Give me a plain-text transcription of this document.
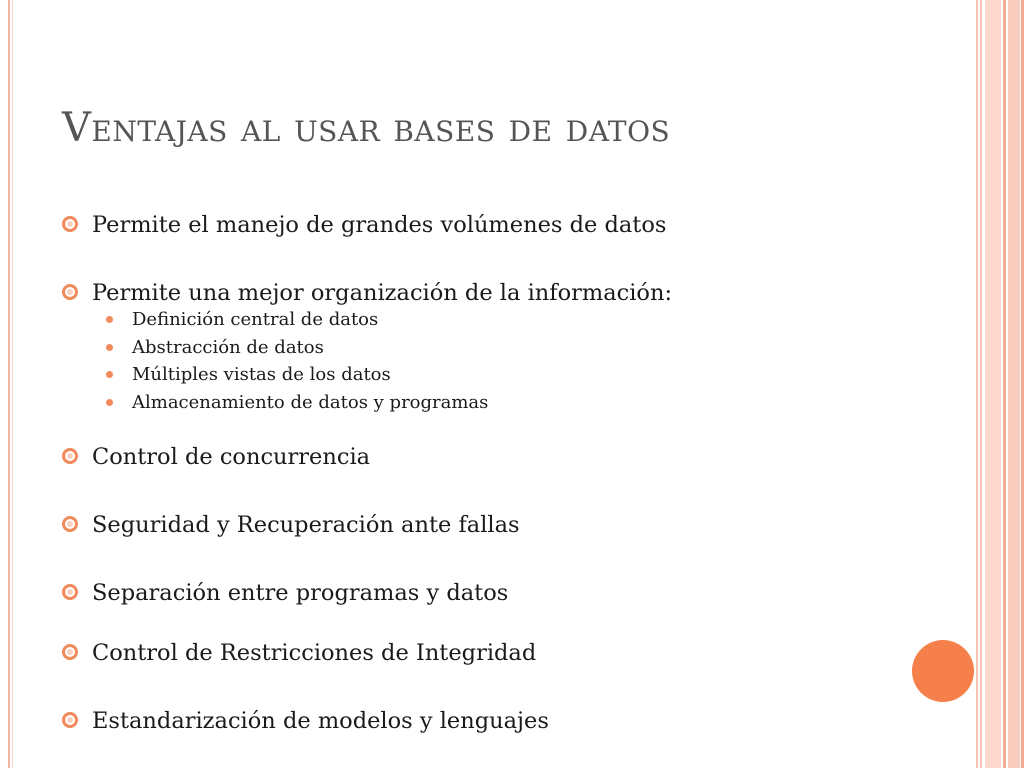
Ventajas al usar bases de datos
Permite el manejo de grandes volúmenes de datos
Permite una mejor organización de la información:
Definición central de datos
Abstracción de datos
Múltiples vistas de los datos
Almacenamiento de datos y programas
Control de concurrencia
Seguridad y Recuperación ante fallas
Separación entre programas y datos
Control de Restricciones de Integridad
Estandarización de modelos y lenguajes
